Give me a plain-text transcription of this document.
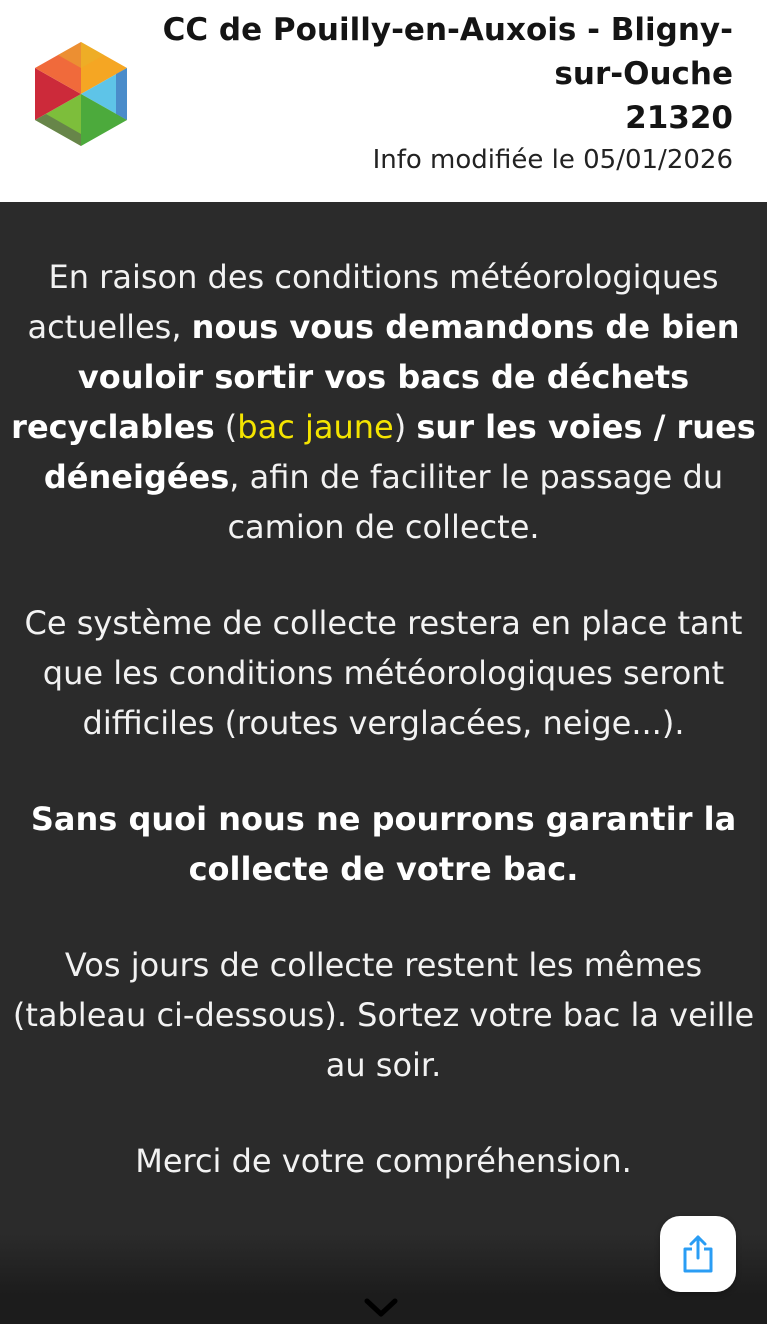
CC de Pouilly-en-Auxois - Bligny-sur-Ouche
21320
Info modifiée le 05/01/2026

En raison des conditions météorologiques actuelles, nous vous demandons de bien vouloir sortir vos bacs de déchets recyclables (bac jaune) sur les voies / rues déneigées, afin de faciliter le passage du camion de collecte.

Ce système de collecte restera en place tant que les conditions météorologiques seront difficiles (routes verglacées, neige...).

Sans quoi nous ne pourrons garantir la collecte de votre bac.

Vos jours de collecte restent les mêmes (tableau ci-dessous). Sortez votre bac la veille au soir.

Merci de votre compréhension.
